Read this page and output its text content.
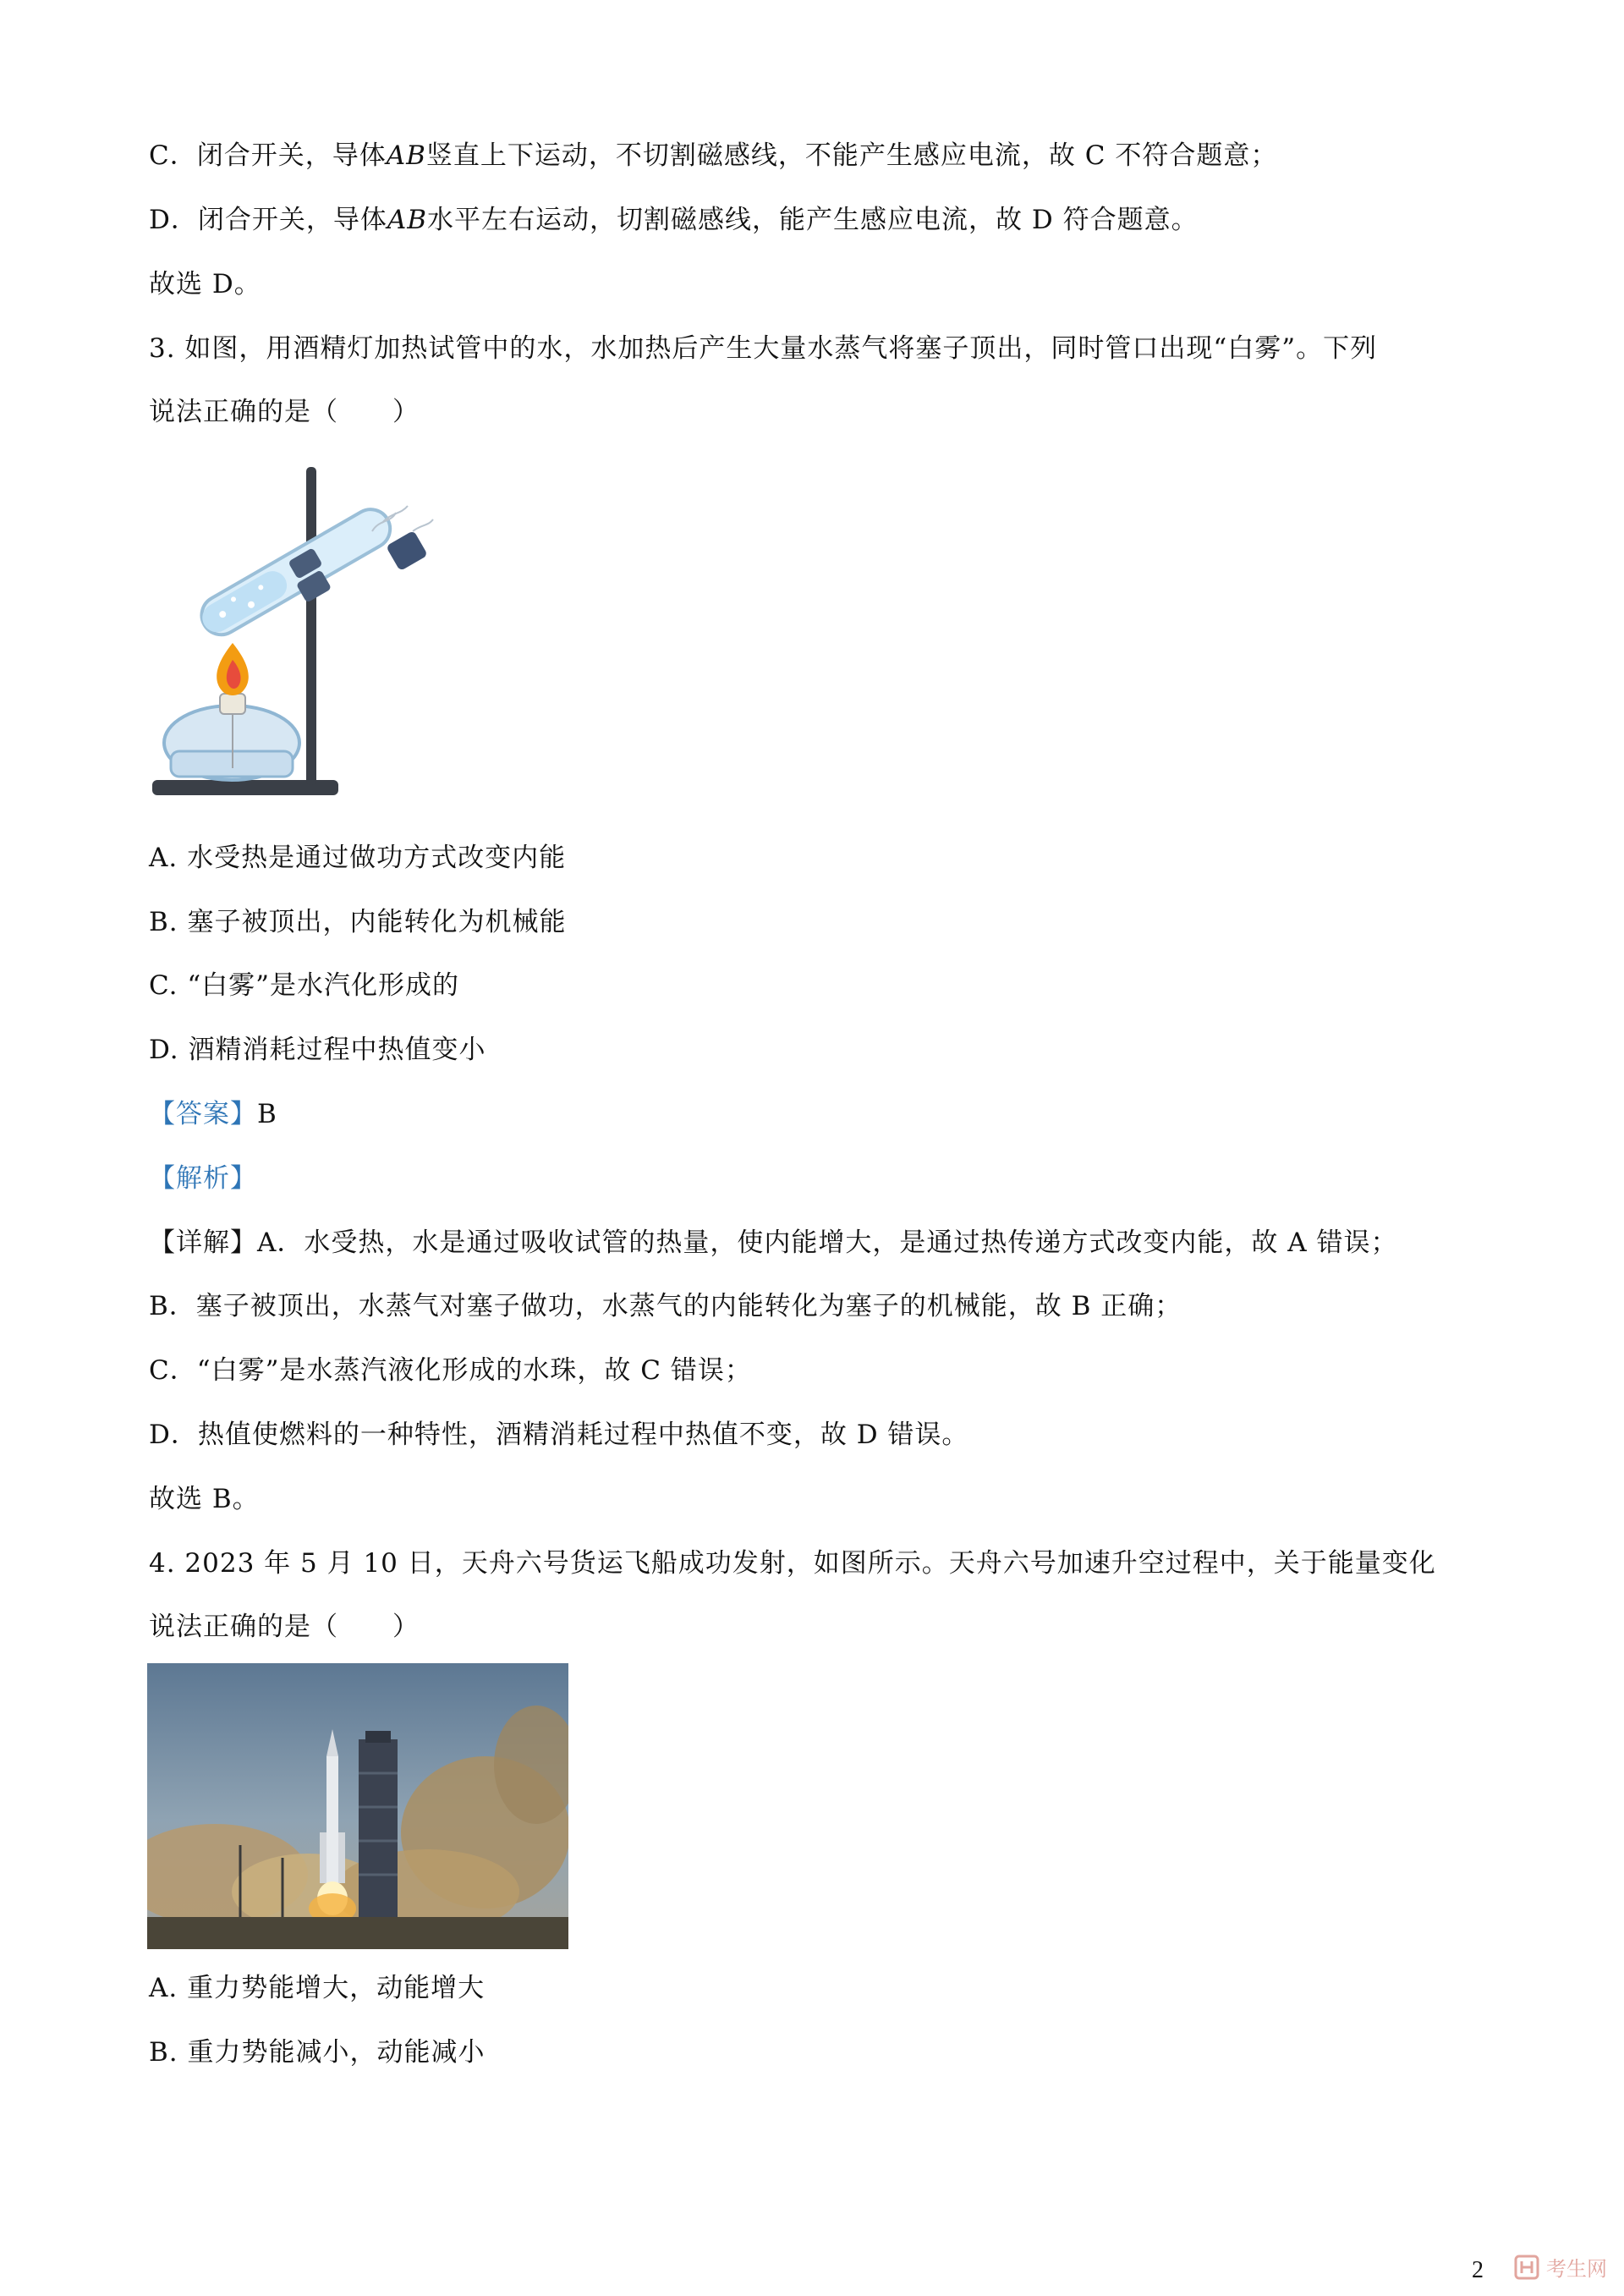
C．闭合开关，导体AB竖直上下运动，不切割磁感线，不能产生感应电流，故 C 不符合题意；
D．闭合开关，导体AB水平左右运动，切割磁感线，能产生感应电流，故 D 符合题意。
故选 D。
3. 如图，用酒精灯加热试管中的水，水加热后产生大量水蒸气将塞子顶出，同时管口出现“白雾”。下列
说法正确的是（　　）
A. 水受热是通过做功方式改变内能
B. 塞子被顶出，内能转化为机械能
C. “白雾”是水汽化形成的
D. 酒精消耗过程中热值变小
【答案】B
【解析】
【详解】A．水受热，水是通过吸收试管的热量，使内能增大，是通过热传递方式改变内能，故 A 错误；
B．塞子被顶出，水蒸气对塞子做功，水蒸气的内能转化为塞子的机械能，故 B 正确；
C．“白雾”是水蒸汽液化形成的水珠，故 C 错误；
D．热值使燃料的一种特性，酒精消耗过程中热值不变，故 D 错误。
故选 B。
4. 2023 年 5 月 10 日，天舟六号货运飞船成功发射，如图所示。天舟六号加速升空过程中，关于能量变化
说法正确的是（　　）
A. 重力势能增大，动能增大
B. 重力势能减小，动能减小
2	考生网
